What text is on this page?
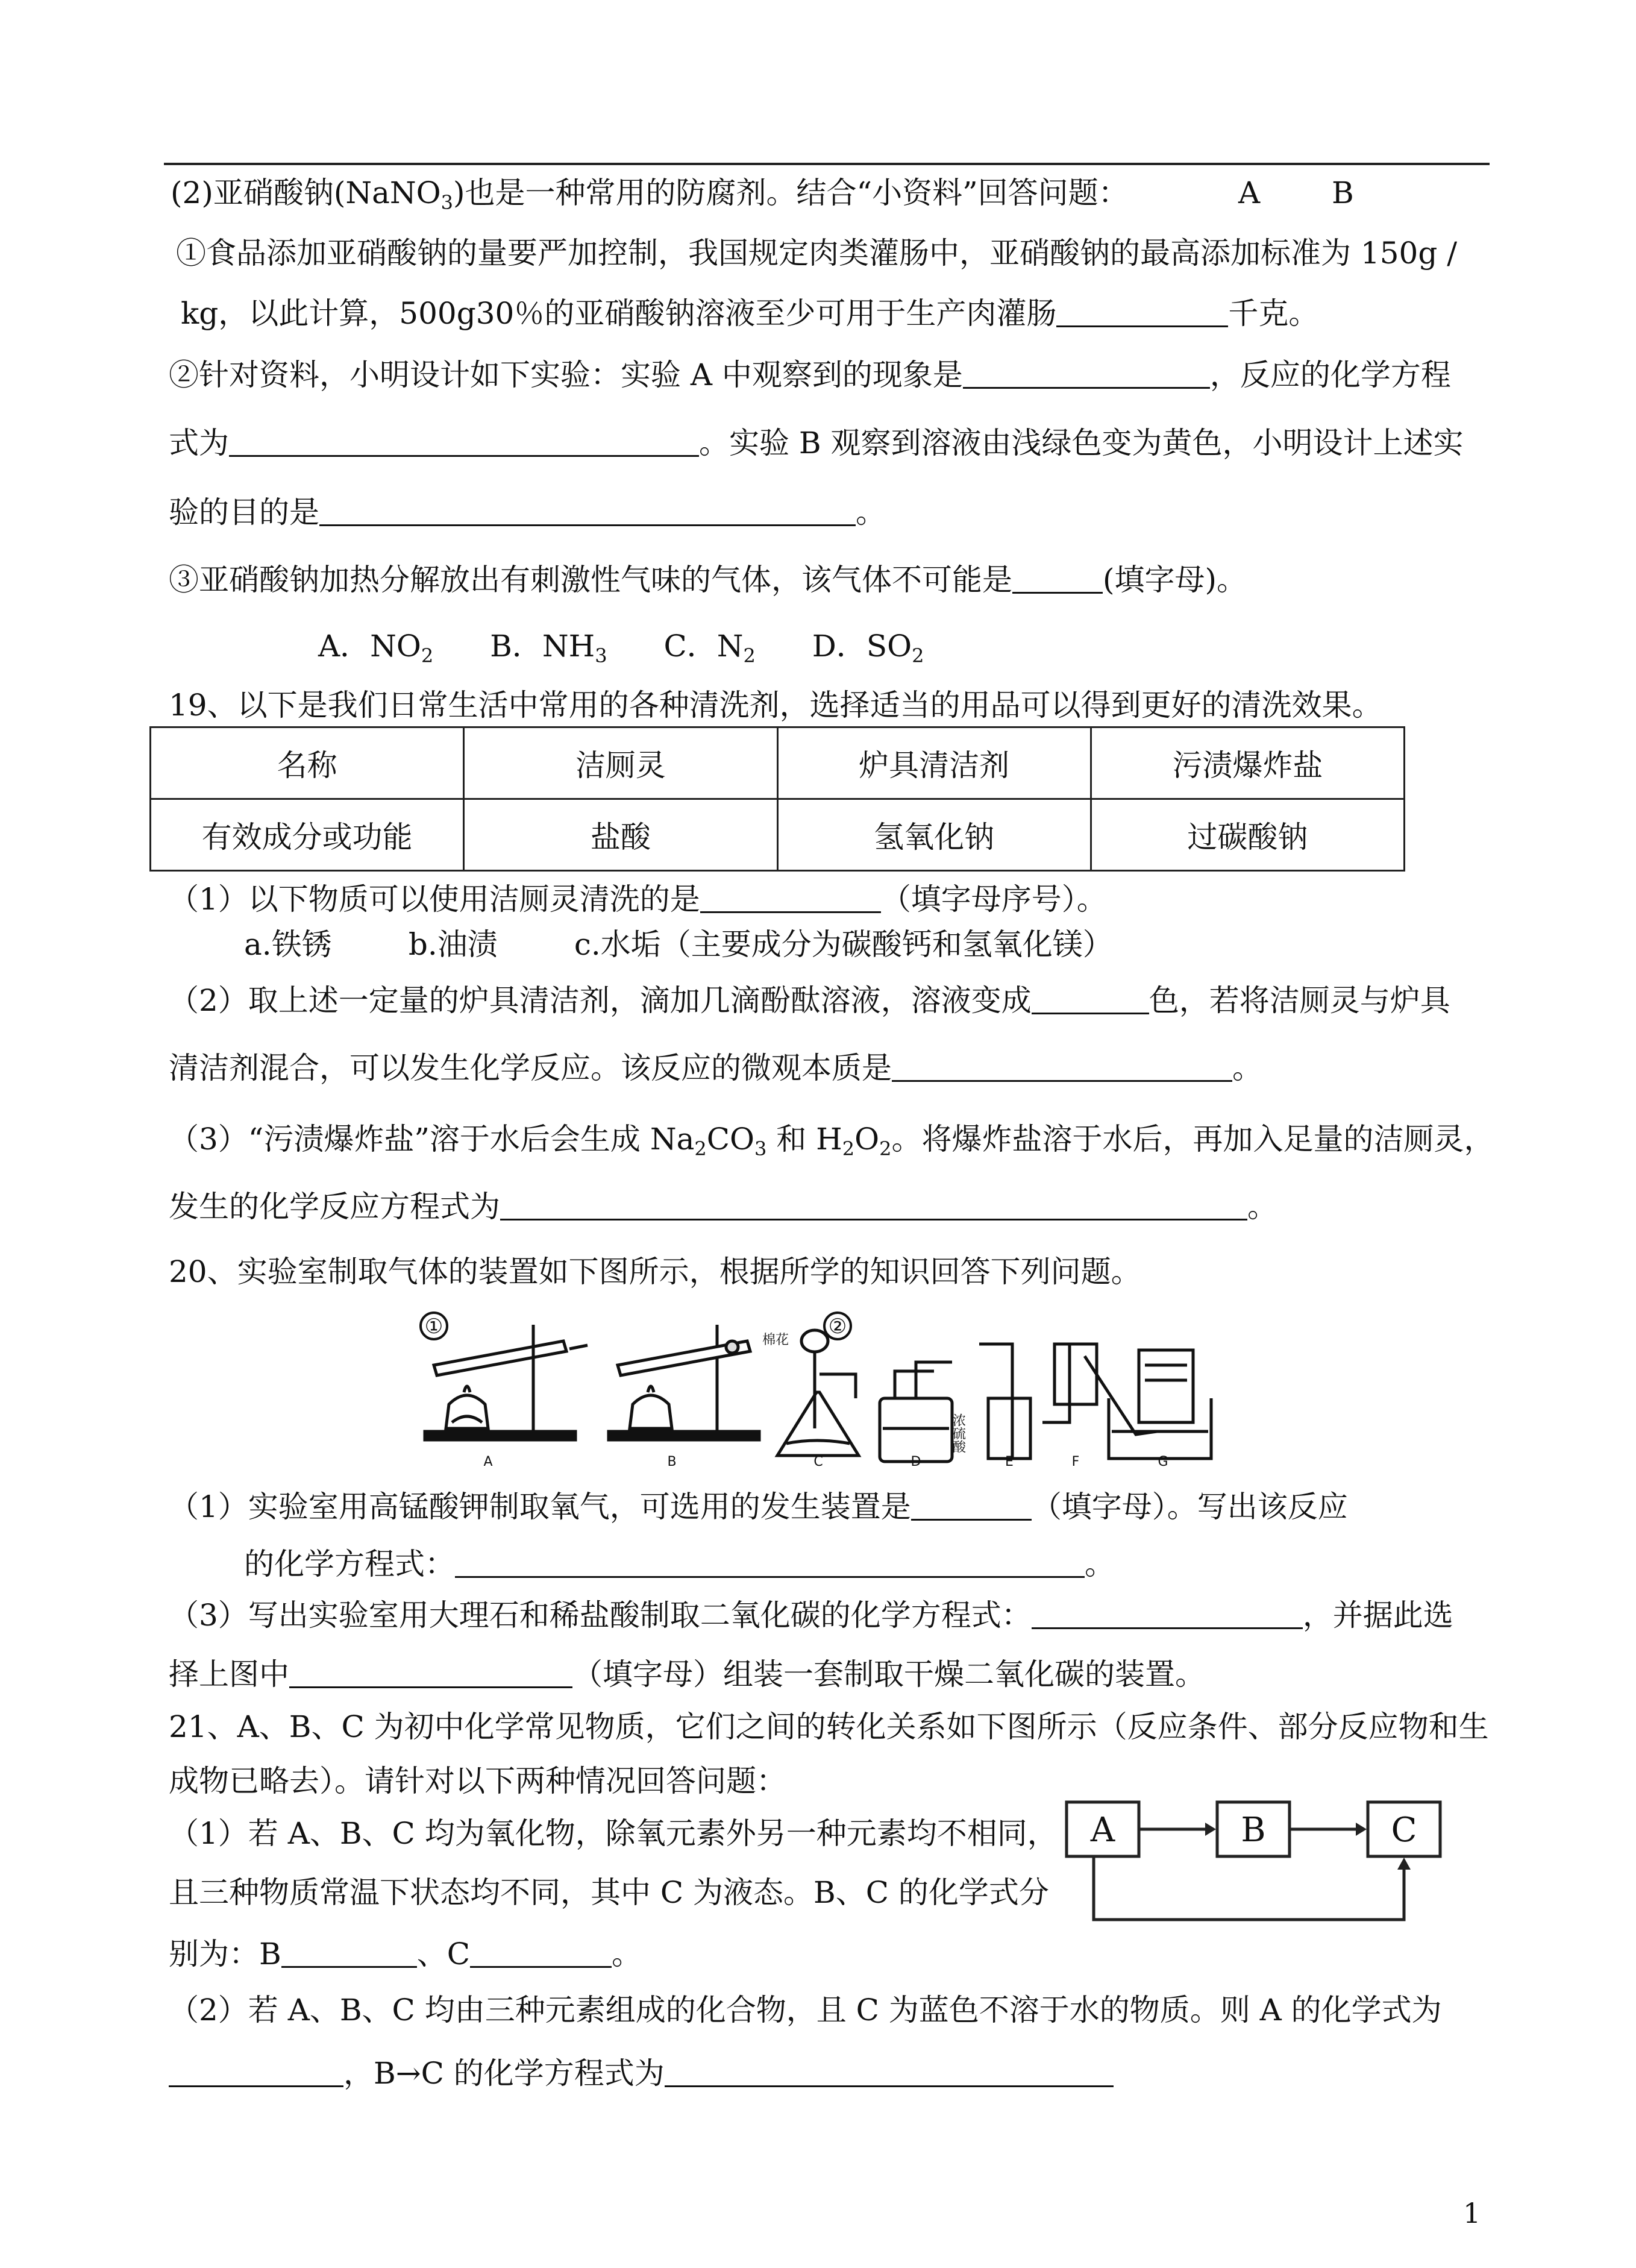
(2)亚硝酸钠(NaNO$_3$)也是一种常用的防腐剂。结合“小资料”回答问题：	A B
①食品添加亚硝酸钠的量要严加控制，我国规定肉类灌肠中，亚硝酸钠的最高添加标准为 150g /
kg，以此计算，500g30％的亚硝酸钠溶液至少可用于生产肉灌肠	千克。
②针对资料，小明设计如下实验：实验 A 中观察到的现象是	，反应的化学方程
式为	。实验 B 观察到溶液由浅绿色变为黄色，小明设计上述实
验的目的是	。
③亚硝酸钠加热分解放出有刺激性气味的气体，该气体不可能是	(填字母)。
A．$NO_2$ B．$NH_3$ C．$N_2$ D．$SO_2$
19、以下是我们日常生活中常用的各种清洗剂，选择适当的用品可以得到更好的清洗效果。
名称	洁厕灵	炉具清洁剂	污渍爆炸盐
有效成分或功能	盐酸	氢氧化钠	过碳酸钠
（1）以下物质可以使用洁厕灵清洗的是	（填字母序号）。
a.铁锈        b.油渍        c.水垢（主要成分为碳酸钙和氢氧化镁）
（2）取上述一定量的炉具清洁剂，滴加几滴酚酞溶液，溶液变成	色，若将洁厕灵与炉具
清洁剂混合，可以发生化学反应。该反应的微观本质是	。
（3）“污渍爆炸盐”溶于水后会生成 $Na_2CO_3$ 和 $H_2O_2$。将爆炸盐溶于水后，再加入足量的洁厕灵，
发生的化学反应方程式为	。
20、实验室制取气体的装置如下图所示，根据所学的知识回答下列问题。
①	②
棉花
浓硫酸
A	B	C	D	E	F	G
（1）实验室用高锰酸钾制取氧气，可选用的发生装置是	（填字母）。写出该反应
的化学方程式：	。
（3）写出实验室用大理石和稀盐酸制取二氧化碳的化学方程式：	，并据此选
择上图中	（填字母）组装一套制取干燥二氧化碳的装置。
21、A、B、C 为初中化学常见物质，它们之间的转化关系如下图所示（反应条件、部分反应物和生
成物已略去）。请针对以下两种情况回答问题：
（1）若 A、B、C 均为氧化物，除氧元素外另一种元素均不相同，
且三种物质常温下状态均不同，其中 C 为液态。B、C 的化学式分
别为：B	、C	。
A	B	C
（2）若 A、B、C 均由三种元素组成的化合物，且 C 为蓝色不溶于水的物质。则 A 的化学式为
，B→C 的化学方程式为
1
